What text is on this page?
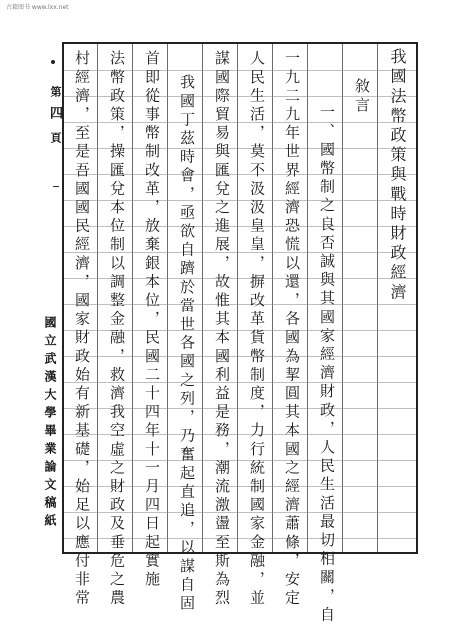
古籍图书 www.lxx.net
第
四
頁
國立武漢大學畢業論文稿紙
我國法幣政策與戰時財政經濟
敘言
一、國幣制之良否誠與其國家經濟財政，人民生活最切相關，自
一九二九年世界經濟恐慌以還，各國為挈圓其本國之經濟蕭條，安定
人民生活，莫不汲汲皇皇，摒改革貨幣制度，力行統制國家金融，並
謀國際貿易與匯兌之進展，故惟其本國利益是務，潮流激盪至斯為烈
我國丁茲時會，亟欲自躋於當世各國之列，乃奮起直追，以謀自固
首即從事幣制改革，放棄銀本位，民國二十四年十一月四日起實施
法幣政策，操匯兌本位制以調整金融，救濟我空虛之財政及垂危之農
村經濟，至是吾國國民經濟，國家財政始有新基礎，始足以應付非常
